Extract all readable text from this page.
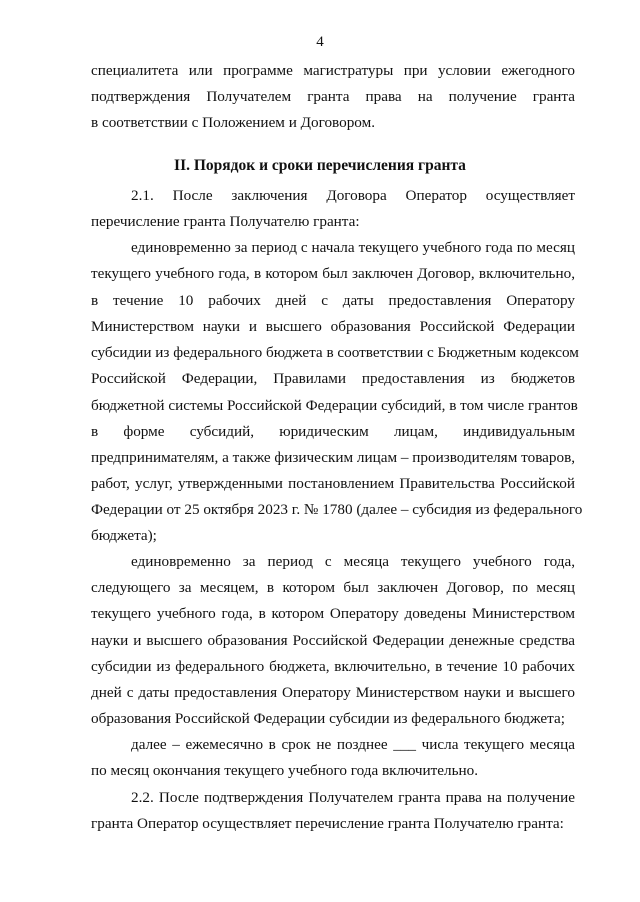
4
специалитета или программе магистратуры при условии ежегодного
подтверждения Получателем гранта права на получение гранта
в соответствии с Положением и Договором.
II. Порядок и сроки перечисления гранта
2.1. После заключения Договора Оператор осуществляет
перечисление гранта Получателю гранта:
единовременно за период с начала текущего учебного года по месяц
текущего учебного года, в котором был заключен Договор, включительно,
в течение 10 рабочих дней с даты предоставления Оператору
Министерством науки и высшего образования Российской Федерации
субсидии из федерального бюджета в соответствии с Бюджетным кодексом
Российской Федерации, Правилами предоставления из бюджетов
бюджетной системы Российской Федерации субсидий, в том числе грантов
в форме субсидий, юридическим лицам, индивидуальным
предпринимателям, а также физическим лицам – производителям товаров,
работ, услуг, утвержденными постановлением Правительства Российской
Федерации от 25 октября 2023 г. № 1780 (далее – субсидия из федерального
бюджета);
единовременно за период с месяца текущего учебного года,
следующего за месяцем, в котором был заключен Договор, по месяц
текущего учебного года, в котором Оператору доведены Министерством
науки и высшего образования Российской Федерации денежные средства
субсидии из федерального бюджета, включительно, в течение 10 рабочих
дней с даты предоставления Оператору Министерством науки и высшего
образования Российской Федерации субсидии из федерального бюджета;
далее – ежемесячно в срок не позднее ___ числа текущего месяца
по месяц окончания текущего учебного года включительно.
2.2. После подтверждения Получателем гранта права на получение
гранта Оператор осуществляет перечисление гранта Получателю гранта:
